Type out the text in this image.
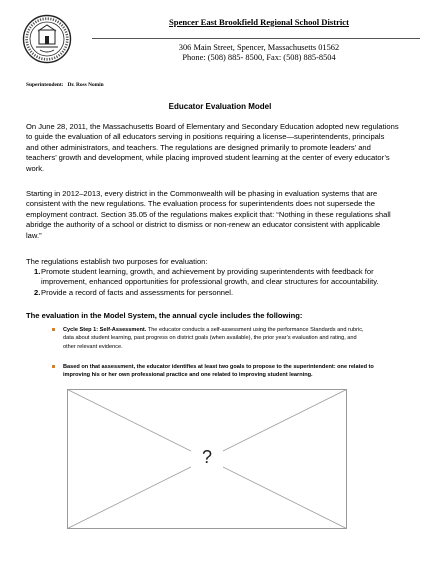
Spencer East Brookfield Regional School District
306 Main Street, Spencer, Massachusetts 01562
Phone: (508) 885- 8500, Fax: (508) 885-8504
Superintendent: Dr. Ross Nomin
Educator Evaluation Model
On June 28, 2011, the Massachusetts Board of Elementary and Secondary Education adopted new regulations
to guide the evaluation of all educators serving in positions requiring a license—superintendents, principals
and other administrators, and teachers. The regulations are designed primarily to promote leaders’ and
teachers’ growth and development, while placing improved student learning at the center of every educator’s
work.
Starting in 2012–2013, every district in the Commonwealth will be phasing in evaluation systems that are
consistent with the new regulations. The evaluation process for superintendents does not supersede the
employment contract. Section 35.05 of the regulations makes explicit that: “Nothing in these regulations shall
abridge the authority of a school or district to dismiss or non-renew an educator consistent with applicable
law.”
The regulations establish two purposes for evaluation:
1. Promote student learning, growth, and achievement by providing superintendents with feedback for
improvement, enhanced opportunities for professional growth, and clear structures for accountability.
2. Provide a record of facts and assessments for personnel.
The evaluation in the Model System, the annual cycle includes the following:
Cycle Step 1: Self-Assessment. The educator conducts a self-assessment using the performance Standards and rubric,
data about student learning, past progress on district goals (when available), the prior year’s evaluation and rating, and
other relevant evidence.
Based on that assessment, the educator identifies at least two goals to propose to the superintendent: one related to
improving his or her own professional practice and one related to improving student learning.
?
